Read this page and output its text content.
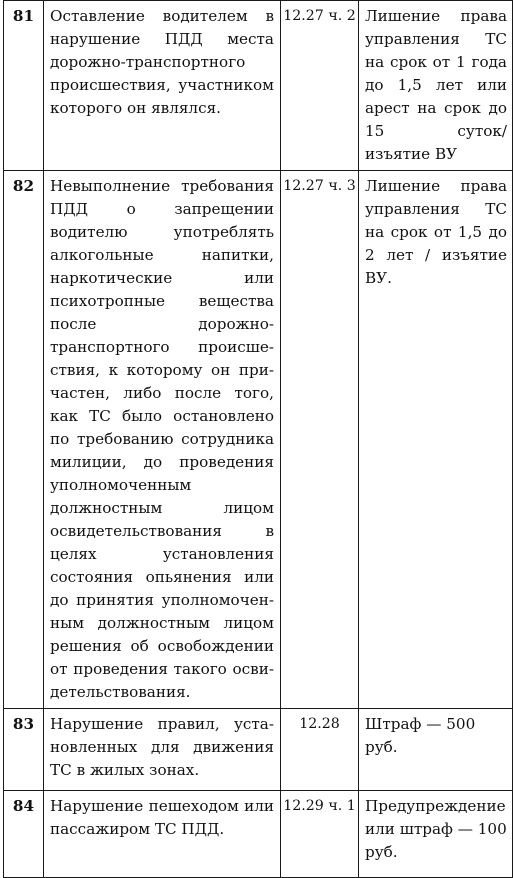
81	Оставление водителем в нарушение ПДД места дорожно-транспортного происшествия, участником которого он являлся.	12.27 ч. 2	Лишение права управления ТС на срок от 1 года до 1,5 лет или арест на срок до 15 суток/ изъятие ВУ
82	Невыполнение требования ПДД о запрещении водителю употреблять алкогольные напитки, наркотические или психотропные вещества после дорожно-транспортного происшествия, к которому он причастен, либо после того, как ТС было остановлено по требованию сотрудника милиции, до проведения уполномоченным должностным лицом освидетельствования в целях установления состояния опьянения или до принятия уполномоченным должностным лицом решения об освобождении от проведения такого освидетельствования.	12.27 ч. 3	Лишение права управления ТС на срок от 1,5 до 2 лет / изъятие ВУ.
83	Нарушение правил, установленных для движения ТС в жилых зонах.	12.28	Штраф — 500 руб.
84	Нарушение пешеходом или пассажиром ТС ПДД.	12.29 ч. 1	Предупреждение или штраф — 100 руб.
